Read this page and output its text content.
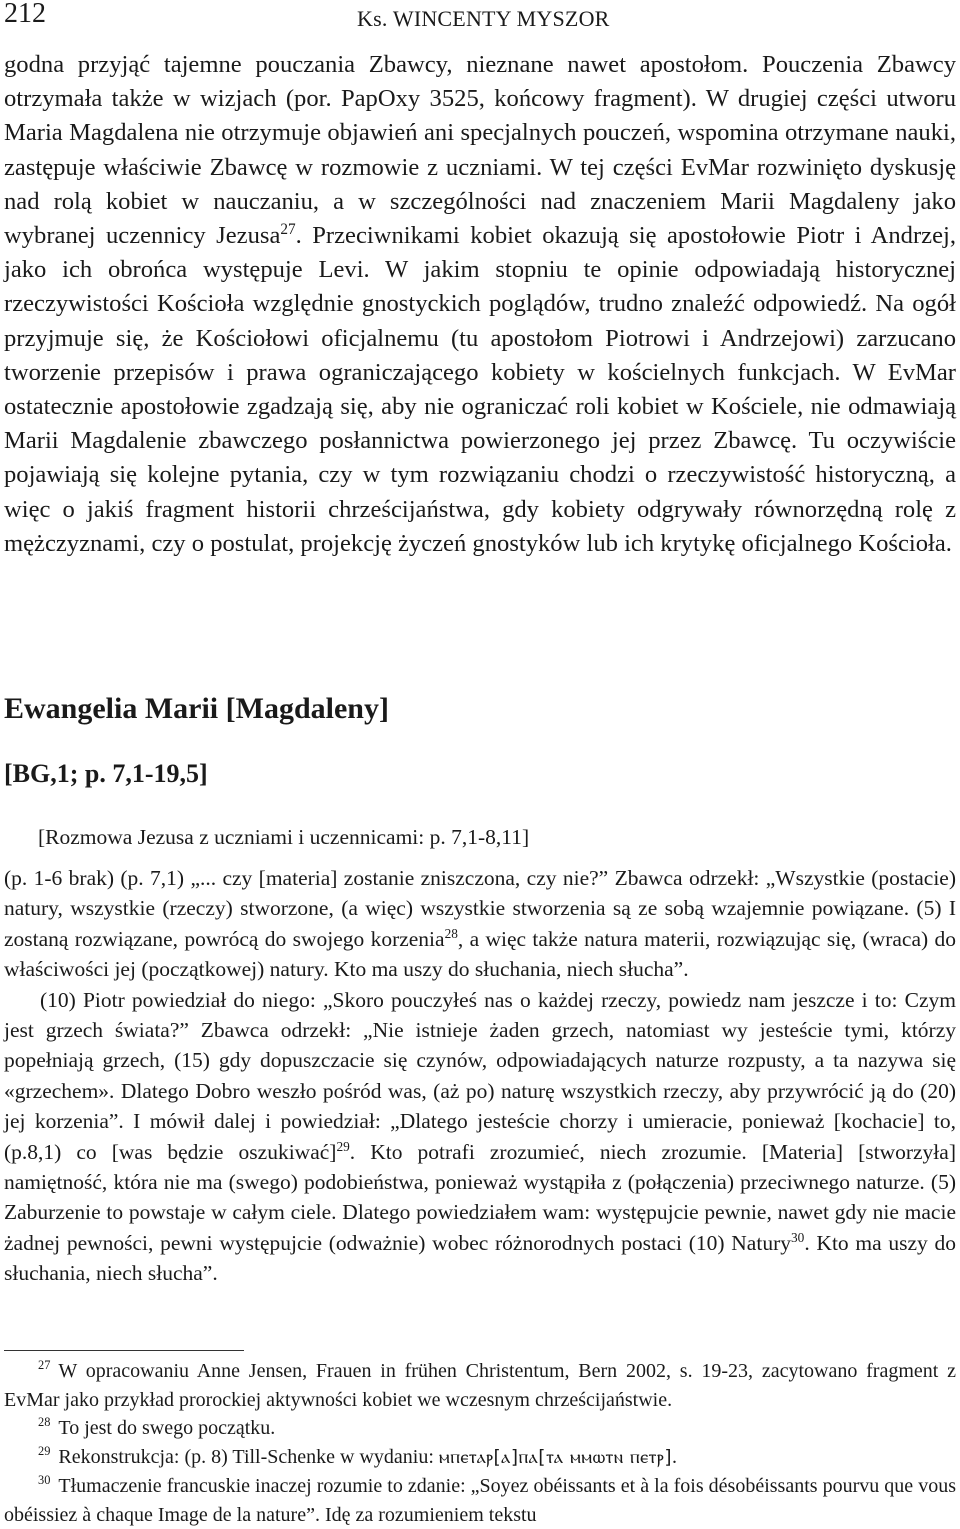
212	Ks. WINCENTY MYSZOR

godna przyjąć tajemne pouczania Zbawcy, nieznane nawet apostołom. Pouczenia Zbawcy otrzymała także w wizjach (por. PapOxy 3525, końcowy fragment). W drugiej części utworu Maria Magdalena nie otrzymuje objawień ani specjalnych pouczeń, wspomina otrzymane nauki, zastępuje właściwie Zbawcę w rozmowie z uczniami. W tej części EvMar rozwinięto dyskusję nad rolą kobiet w nauczaniu, a w szczególności nad znaczeniem Marii Magdaleny jako wybranej uczennicy Jezusa$^{27}$. Przeciwnikami kobiet okazują się apostołowie Piotr i Andrzej, jako ich obrońca występuje Levi. W jakim stopniu te opinie odpowiadają historycznej rzeczywistości Kościoła względnie gnostyckich poglądów, trudno znaleźć odpowiedź. Na ogół przyjmuje się, że Kościołowi oficjalnemu (tu apostołom Piotrowi i Andrzejowi) zarzucano tworzenie przepisów i prawa ograniczającego kobiety w kościelnych funkcjach. W EvMar ostatecznie apostołowie zgadzają się, aby nie ograniczać roli kobiet w Kościele, nie odmawiają Marii Magdalenie zbawczego posłannictwa powierzonego jej przez Zbawcę. Tu oczywiście pojawiają się kolejne pytania, czy w tym rozwiązaniu chodzi o rzeczywistość historyczną, a więc o jakiś fragment historii chrześcijaństwa, gdy kobiety odgrywały równorzędną rolę z mężczyznami, czy o postulat, projekcję życzeń gnostyków lub ich krytykę oficjalnego Kościoła.

Ewangelia Marii [Magdaleny]
[BG,1; p. 7,1-19,5]

[Rozmowa Jezusa z uczniami i uczennicami: p. 7,1-8,11]

(p. 1-6 brak) (p. 7,1) „... czy [materia] zostanie zniszczona, czy nie?” Zbawca odrzekł: „Wszystkie (postacie) natury, wszystkie (rzeczy) stworzone, (a więc) wszystkie stworzenia są ze sobą wzajemnie powiązane. (5) I zostaną rozwiązane, powrócą do swojego korzenia$^{28}$, a więc także natura materii, rozwiązując się, (wraca) do właściwości jej (początkowej) natury. Kto ma uszy do słuchania, niech słucha”.

(10) Piotr powiedział do niego: „Skoro pouczyłeś nas o każdej rzeczy, powiedz nam jeszcze i to: Czym jest grzech świata?” Zbawca odrzekł: „Nie istnieje żaden grzech, natomiast wy jesteście tymi, którzy popełniają grzech, (15) gdy dopuszczacie się czynów, odpowiadających naturze rozpusty, a ta nazywa się «grzechem». Dlatego Dobro weszło pośród was, (aż po) naturę wszystkich rzeczy, aby przywrócić ją do (20) jej korzenia”. I mówił dalej i powiedział: „Dlatego jesteście chorzy i umieracie, ponieważ [kochacie] to, (p.8,1) co [was będzie oszukiwać]$^{29}$. Kto potrafi zrozumieć, niech zrozumie. [Materia] [stworzyła] namiętność, która nie ma (swego) podobieństwa, ponieważ wystąpiła z (połączenia) przeciwnego naturze. (5) Zaburzenie to powstaje w całym ciele. Dlatego powiedziałem wam: występujcie pewnie, nawet gdy nie macie żadnej pewności, pewni występujcie (odważnie) wobec różnorodnych postaci (10) Natury$^{30}$. Kto ma uszy do słuchania, niech słucha”.

$^{27}$ W opracowaniu Anne Jensen, Frauen in frühen Christentum, Bern 2002, s. 19-23, zacytowano fragment z EvMar jako przykład prorockiej aktywności kobiet we wczesnym chrześcijaństwie.

$^{28}$ To jest do swego początku.

$^{29}$ Rekonstrukcja: (p. 8) Till-Schenke w wydaniu: ⲙⲡⲉⲧⲁⲣ[ⲁ]ⲡⲁ[ⲧⲁ ⲙⲙⲱⲧⲛ ⲡⲉⲧⲣ].

$^{30}$ Tłumaczenie francuskie inaczej rozumie to zdanie: „Soyez obéissants et à la fois désobéissants pourvu que vous obéissiez à chaque Image de la nature”. Idę za rozumieniem tekstu
